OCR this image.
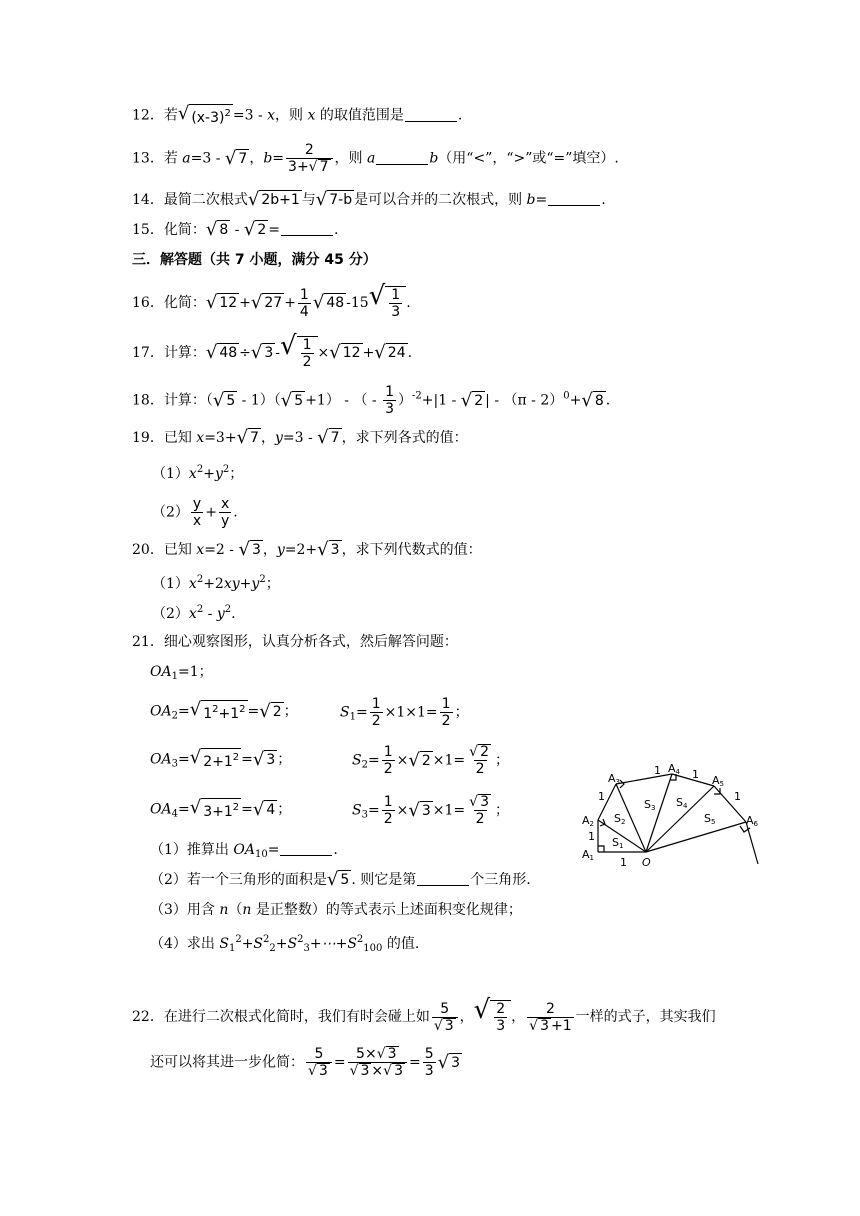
12．若 √ $(x-3)^2 =3 - x$，则 x 的取值范围是	.
13．若 a=3 - √ 7 ，$b= \frac{2}{3+ √ 7}$ ，则 a	b（用“<”，“>”或“=”填空）.
14．最简二次根式 √ 2b+1 与 √ 7-b 是可以合并的二次根式，则 b=	.
15．化简： √ 8 - √ 2 =	.
三．解答题（共 7 小题，满分 45 分）
16．化简： √ 12 + √ $27 + \frac{1}{4}$ √ 48 -15 √ $\frac{1}{3}$ .
17．计算： √ 48 ÷ √ 3 - √ $\frac{1}{2}$ × √ 12 + √ 24 .
18．计算：（ √ 5 - 1）（ √ 5 +1） - （ - $\frac{1}{3} )^{-2}+|1$ - √ 2 | - （π - 2）$^0$+ √ 8 .
19．已知 x=3+ √ 7 ，y=3 - √ 7 ，求下列各式的值：
$(1)x^2+y^2$；
$(2) \frac{y}{x} + \frac{x}{y}$ .
20．已知 x=2 - √ 3 ，y=2+ √ 3 ，求下列代数式的值：
$(1)x^2+2xy+y^2$；
$(2)x^2 - y^2$.
21．细心观察图形，认真分析各式，然后解答问题：
$OA_1=1$；
$OA_2=$ √ $1^2+1^2$ = √ 2 ；	$S_1= \frac{1}{2} \times 1\times 1= \frac{1}{2}$ ；
$OA_3=$ √ $2+1^2$ = √ 3 ；	$S_2= \frac{1}{2}$ × √ $2 \times 1= \frac{√ 2}{2}$ ；
$OA_4=$ √ $3+1^2$ = √ 4 ；	$S_3= \frac{1}{2}$ × √ $3 \times 1= \frac{√ 3}{2}$ ；
A1
A2
A3
A4
A5
A6
O
1
1
1
1	1
1
S1
S2
S3 S4
S5
（1）推算出 $OA_{10}=$	.
（2）若一个三角形的面积是 √ 5 . 则它是第	个三角形.
（3）用含 n（n 是正整数）的等式表示上述面积变化规律；
（4）求出 $S_1^2+S^2_2+S^2_3+\cdots+S^2_{100}$ 的值.
22．在进行二次根式化简时，我们有时会碰上如 $\frac{5}{√ 3}$ ， √ $\frac{2}{3}$ ， $\frac{2}{√ 3 +1}$ 一样的式子，其实我们
还可以将其进一步化简： $\frac{5}{√ 3} = \frac{5\times √ 3}{√ 3 \times √ 3} = \frac{5}{3}$ √ 3
